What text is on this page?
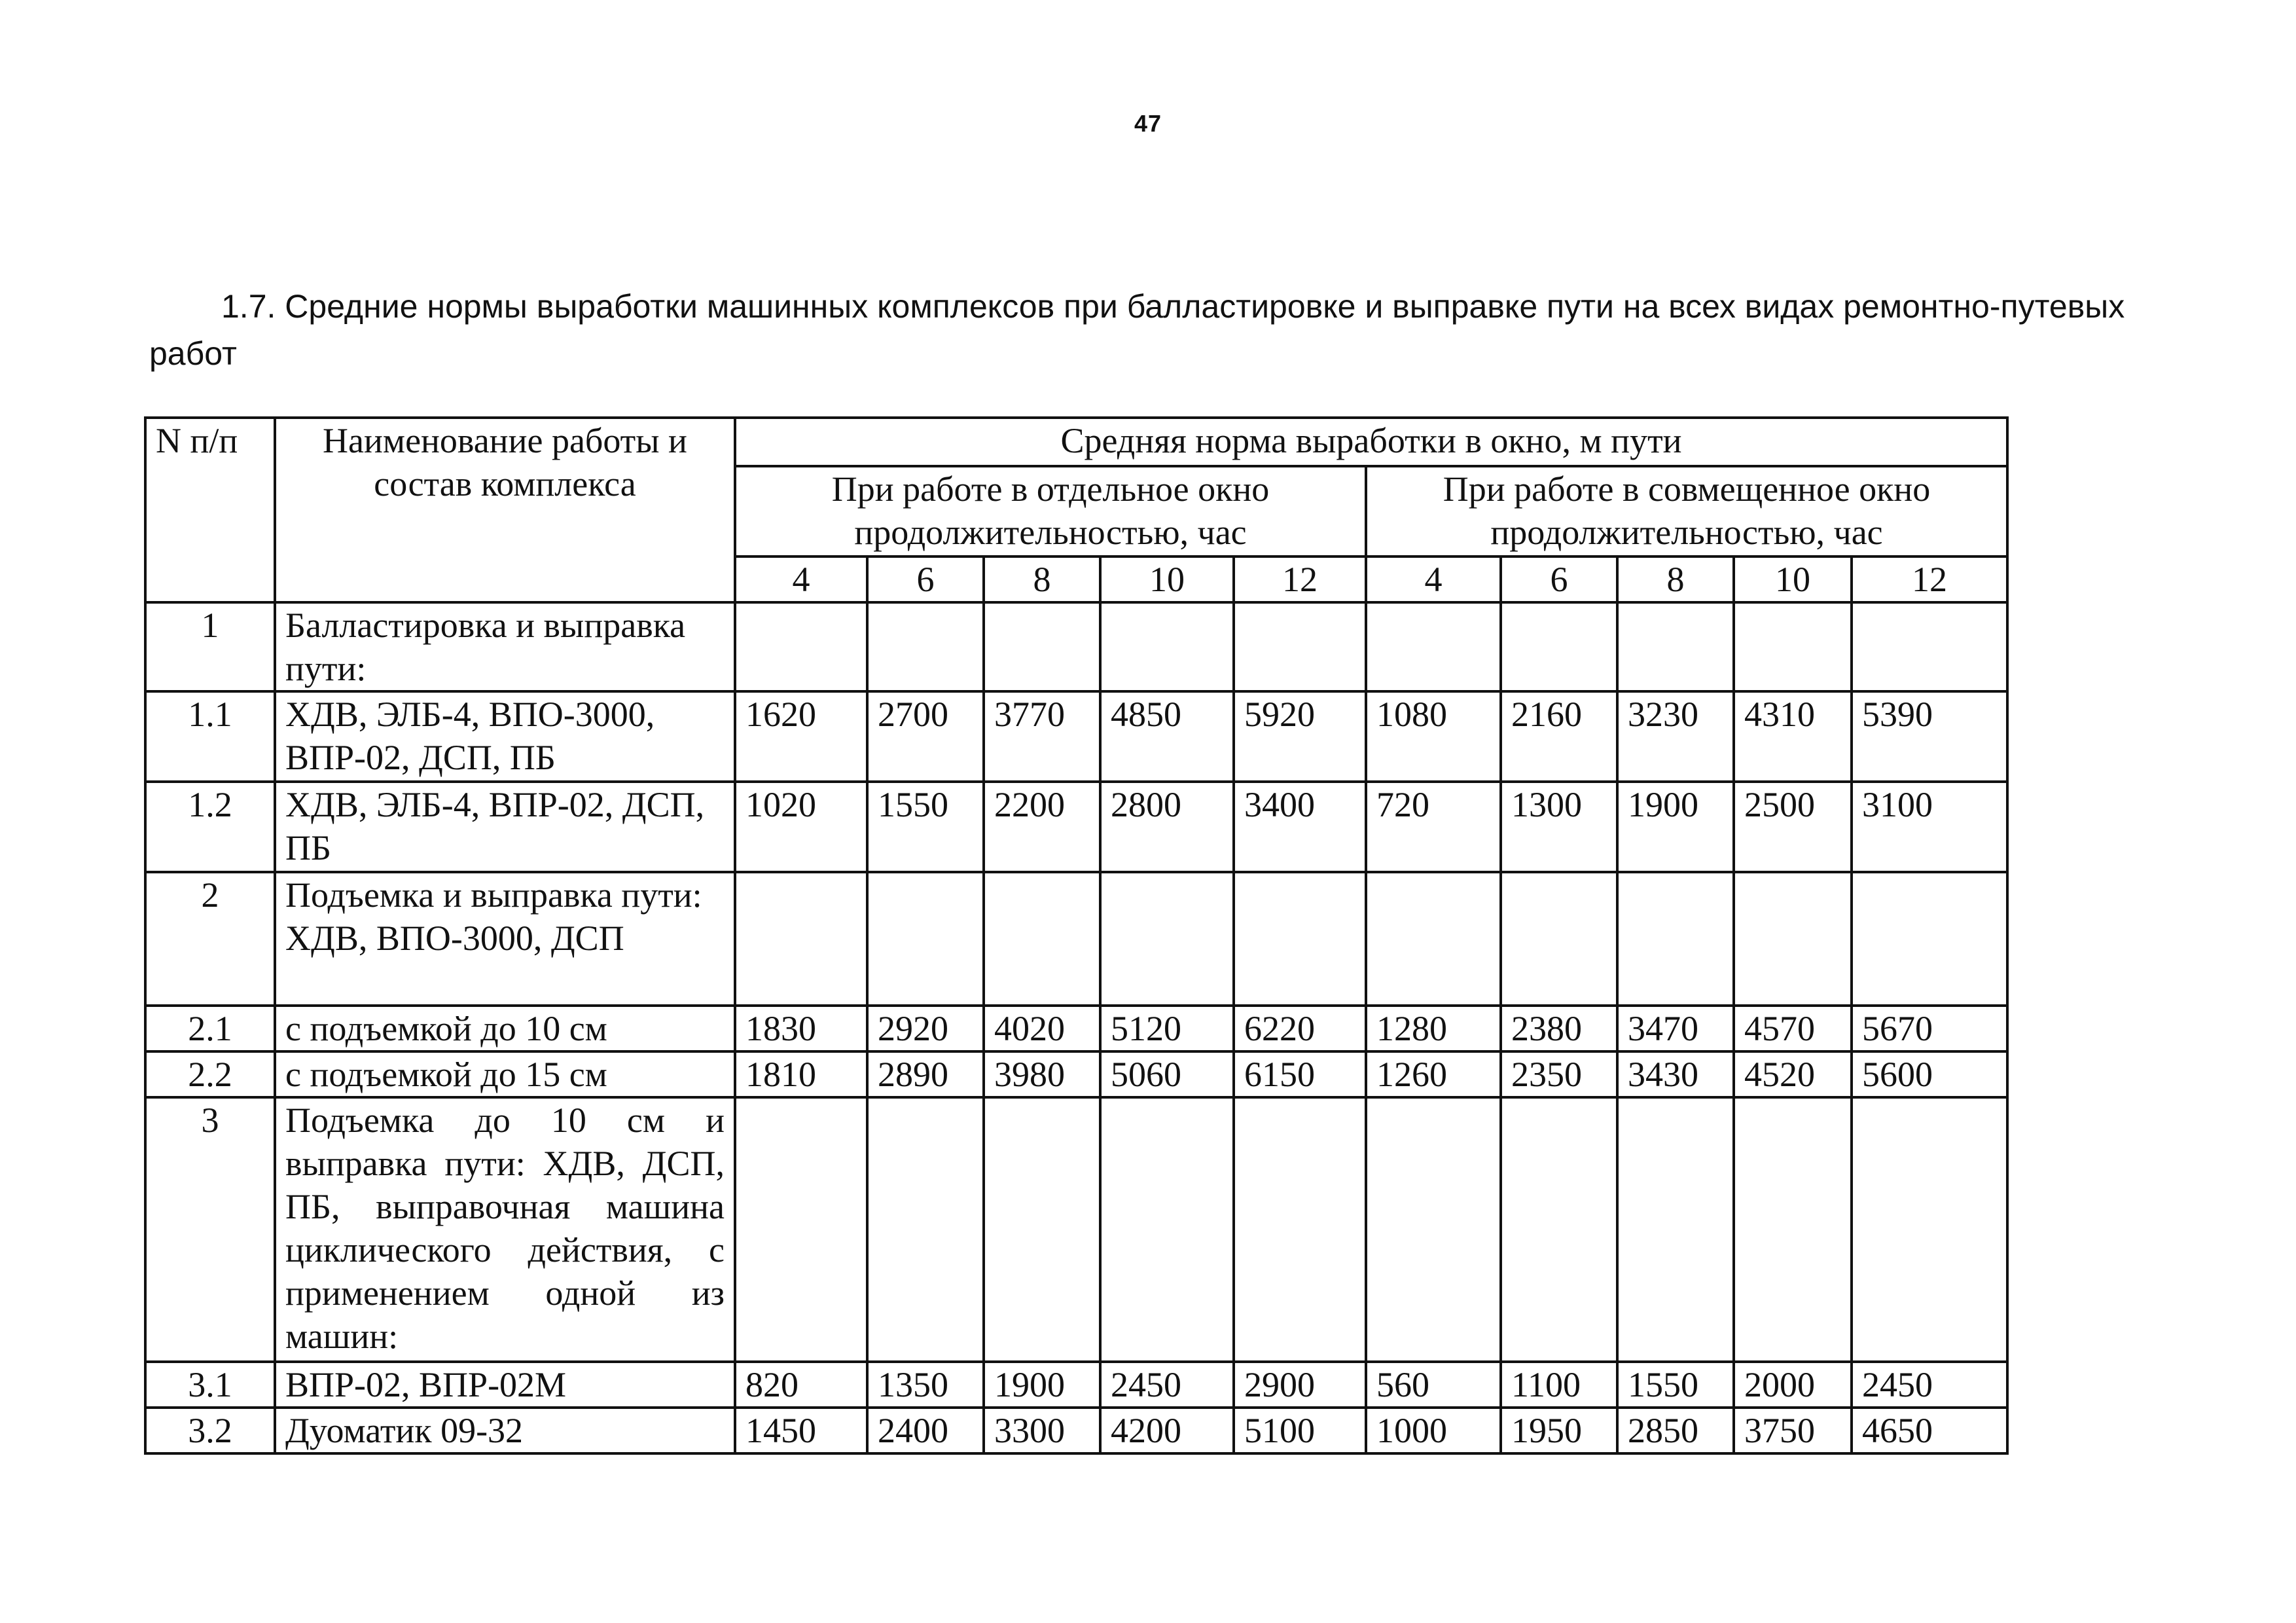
47
1.7. Средние нормы выработки машинных комплексов при балластировке и выправке пути на всех видах ремонтно-путевых работ
N п/п	Наименование работы и состав комплекса	Средняя норма выработки в окно, м пути									
		При работе в отдельное окно продолжительностью, час					При работе в совмещенное окно продолжительностью, час				
		4	6	8	10	12	4	6	8	10	12
1	Балластировка и выправка пути:										
1.1	ХДВ, ЭЛБ-4, ВПО-3000, ВПР-02, ДСП, ПБ	1620	2700	3770	4850	5920	1080	2160	3230	4310	5390
1.2	ХДВ, ЭЛБ-4, ВПР-02, ДСП, ПБ	1020	1550	2200	2800	3400	720	1300	1900	2500	3100
2	Подъемка и выправка пути: ХДВ, ВПО-3000, ДСП										
2.1	с подъемкой до 10 см	1830	2920	4020	5120	6220	1280	2380	3470	4570	5670
2.2	с подъемкой до 15 см	1810	2890	3980	5060	6150	1260	2350	3430	4520	5600
3	Подъемка до 10 см и выправка пути: ХДВ, ДСП, ПБ, выправочная машина циклического действия, с применением одной из машин:										
3.1	ВПР-02, ВПР-02М	820	1350	1900	2450	2900	560	1100	1550	2000	2450
3.2	Дуоматик 09-32	1450	2400	3300	4200	5100	1000	1950	2850	3750	4650
